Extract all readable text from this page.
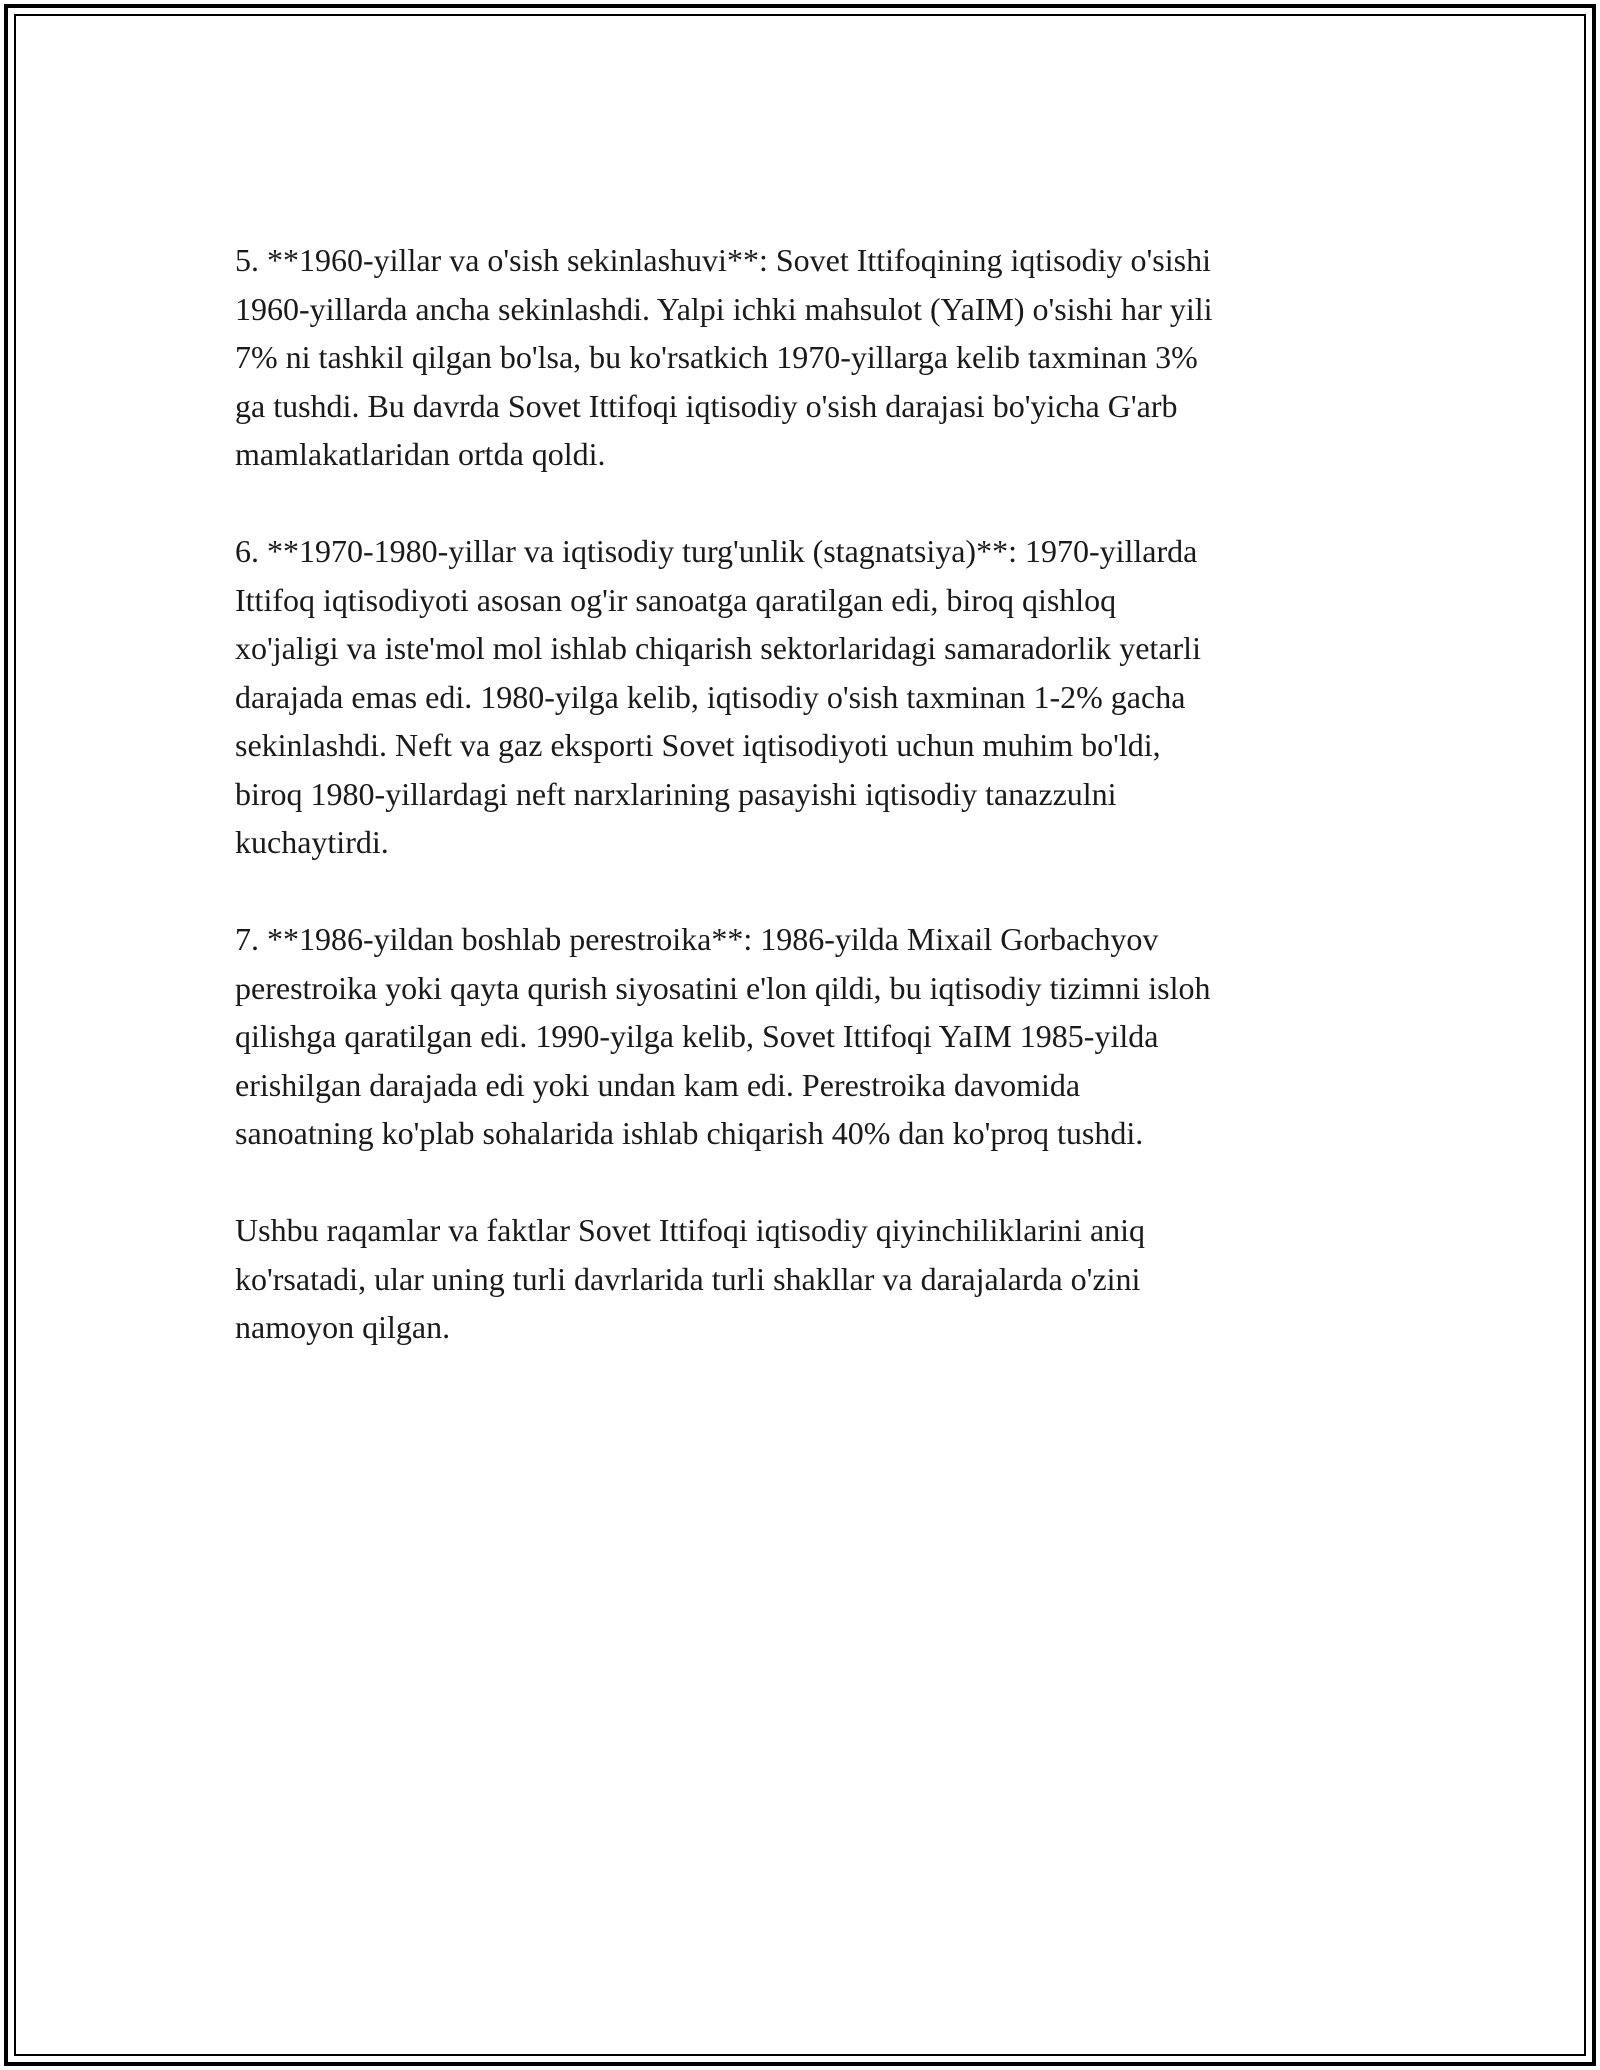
5. **1960-yillar va o'sish sekinlashuvi**: Sovet Ittifoqining iqtisodiy o'sishi
1960-yillarda ancha sekinlashdi. Yalpi ichki mahsulot (YaIM) o'sishi har yili
7% ni tashkil qilgan bo'lsa, bu ko'rsatkich 1970-yillarga kelib taxminan 3%
ga tushdi. Bu davrda Sovet Ittifoqi iqtisodiy o'sish darajasi bo'yicha G'arb
mamlakatlaridan ortda qoldi.

6. **1970-1980-yillar va iqtisodiy turg'unlik (stagnatsiya)**: 1970-yillarda
Ittifoq iqtisodiyoti asosan og'ir sanoatga qaratilgan edi, biroq qishloq
xo'jaligi va iste'mol mol ishlab chiqarish sektorlaridagi samaradorlik yetarli
darajada emas edi. 1980-yilga kelib, iqtisodiy o'sish taxminan 1-2% gacha
sekinlashdi. Neft va gaz eksporti Sovet iqtisodiyoti uchun muhim bo'ldi,
biroq 1980-yillardagi neft narxlarining pasayishi iqtisodiy tanazzulni
kuchaytirdi.

7. **1986-yildan boshlab perestroika**: 1986-yilda Mixail Gorbachyov
perestroika yoki qayta qurish siyosatini e'lon qildi, bu iqtisodiy tizimni isloh
qilishga qaratilgan edi. 1990-yilga kelib, Sovet Ittifoqi YaIM 1985-yilda
erishilgan darajada edi yoki undan kam edi. Perestroika davomida
sanoatning ko'plab sohalarida ishlab chiqarish 40% dan ko'proq tushdi.

Ushbu raqamlar va faktlar Sovet Ittifoqi iqtisodiy qiyinchiliklarini aniq
ko'rsatadi, ular uning turli davrlarida turli shakllar va darajalarda o'zini
namoyon qilgan.
